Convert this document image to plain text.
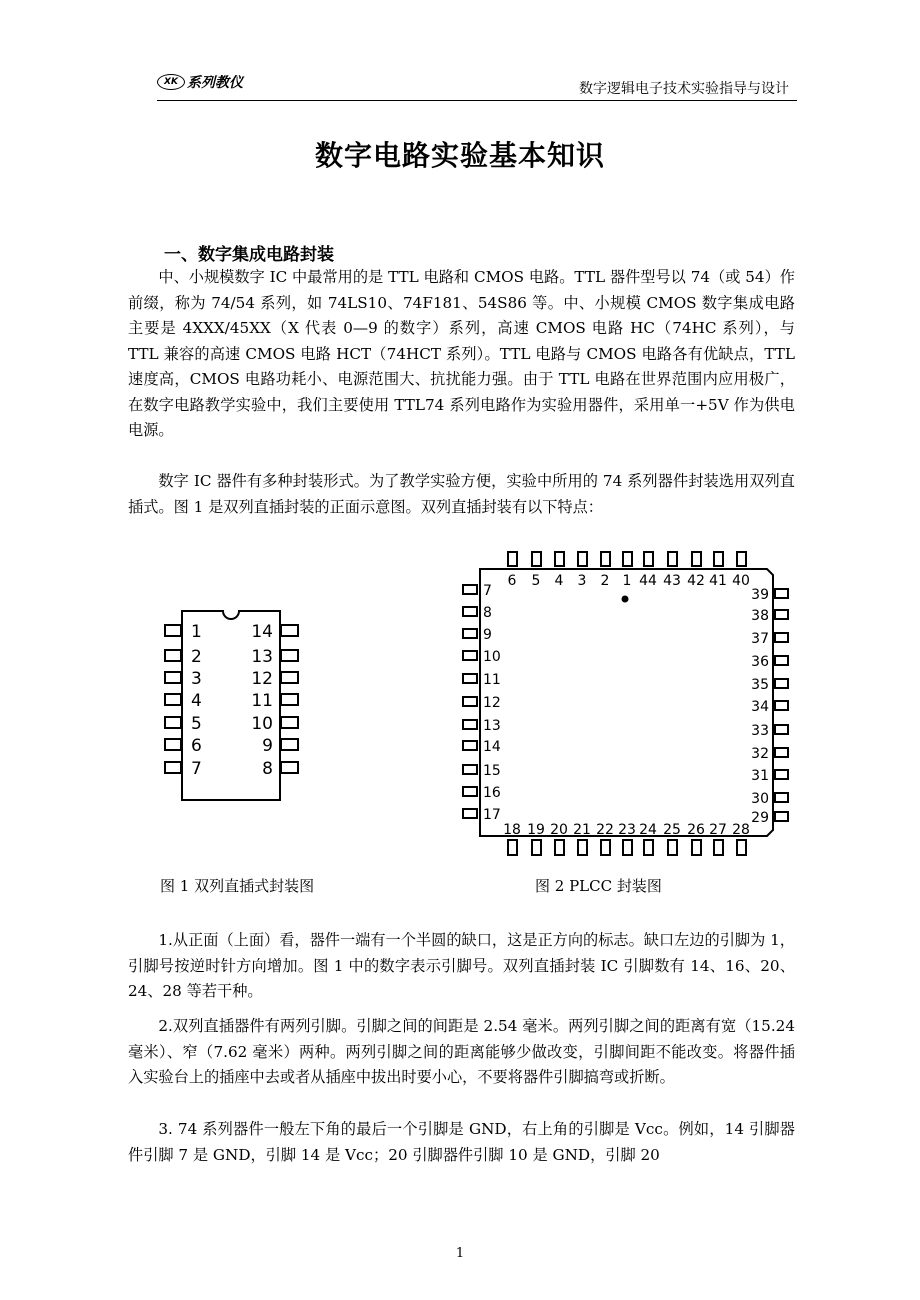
XK 系列教仪	数字逻辑电子技术实验指导与设计
数字电路实验基本知识
一、数字集成电路封装

中、小规模数字 IC 中最常用的是 TTL 电路和 CMOS 电路。TTL 器件型号以 74（或 54）作前缀，称为 74/54 系列，如 74LS10、74F181、54S86 等。中、小规模 CMOS 数字集成电路主要是 4XXX/45XX（X 代表 0—9 的数字）系列，高速 CMOS 电路 HC（74HC 系列），与 TTL 兼容的高速 CMOS 电路 HCT（74HCT 系列）。TTL 电路与 CMOS 电路各有优缺点，TTL 速度高，CMOS 电路功耗小、电源范围大、抗扰能力强。由于 TTL 电路在世界范围内应用极广，在数字电路教学实验中，我们主要使用 TTL74 系列电路作为实验用器件，采用单一+5V 作为供电电源。

数字 IC 器件有多种封装形式。为了教学实验方便，实验中所用的 74 系列器件封装选用双列直插式。图 1 是双列直插封装的正面示意图。双列直插封装有以下特点：

1
2
3
4
5
6
7
14
13
12
11
10
9
8
6 5 4 3 2 1 44 43 42 41 40
18 19 20 21 22 23 24 25 26 27 28
7
8
9
10
11
12
13
14
15
16
17
39
38
37
36
35
34
33
32
31
30
29
图 1 双列直插式封装图	图 2 PLCC 封装图

1.从正面（上面）看，器件一端有一个半圆的缺口，这是正方向的标志。缺口左边的引脚为 1，引脚号按逆时针方向增加。图 1 中的数字表示引脚号。双列直插封装 IC 引脚数有 14、16、20、24、28 等若干种。

2.双列直插器件有两列引脚。引脚之间的间距是 2.54 毫米。两列引脚之间的距离有宽（15.24 毫米）、窄（7.62 毫米）两种。两列引脚之间的距离能够少做改变，引脚间距不能改变。将器件插入实验台上的插座中去或者从插座中拔出时要小心，不要将器件引脚搞弯或折断。

3. 74 系列器件一般左下角的最后一个引脚是 GND，右上角的引脚是 Vcc。例如，14 引脚器件引脚 7 是 GND，引脚 14 是 Vcc；20 引脚器件引脚 10 是 GND，引脚 20

1
